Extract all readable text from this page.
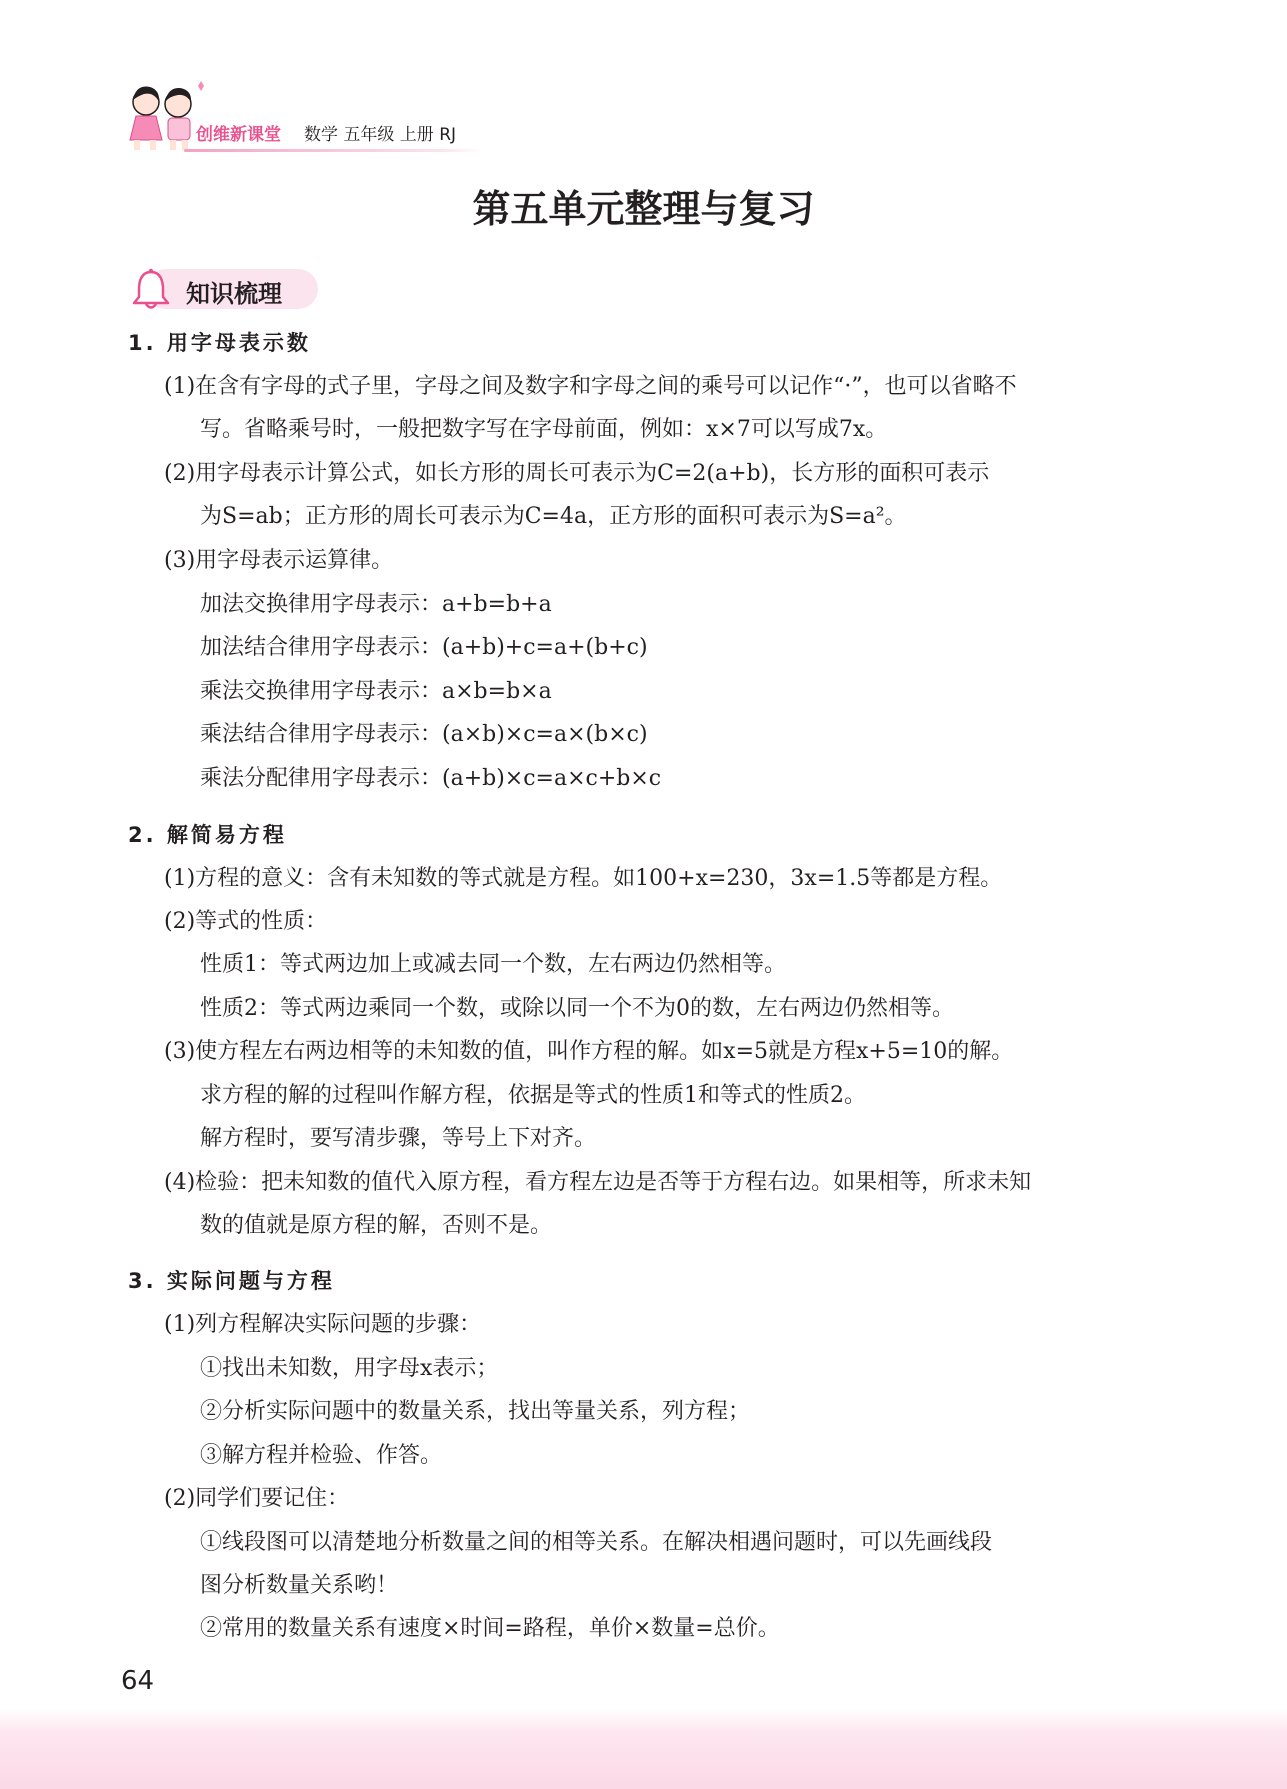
创维新课堂 数学 五年级 上册 RJ
第五单元整理与复习
知识梳理
1. 用字母表示数
(1)在含有字母的式子里，字母之间及数字和字母之间的乘号可以记作“·”，也可以省略不
写。省略乘号时，一般把数字写在字母前面，例如：x×7可以写成7x。
(2)用字母表示计算公式，如长方形的周长可表示为C=2(a+b)，长方形的面积可表示
为S=ab；正方形的周长可表示为C=4a，正方形的面积可表示为S=a²。
(3)用字母表示运算律。
加法交换律用字母表示：a+b=b+a
加法结合律用字母表示：(a+b)+c=a+(b+c)
乘法交换律用字母表示：a×b=b×a
乘法结合律用字母表示：(a×b)×c=a×(b×c)
乘法分配律用字母表示：(a+b)×c=a×c+b×c
2. 解简易方程
(1)方程的意义：含有未知数的等式就是方程。如100+x=230，3x=1.5等都是方程。
(2)等式的性质：
性质1：等式两边加上或减去同一个数，左右两边仍然相等。
性质2：等式两边乘同一个数，或除以同一个不为0的数，左右两边仍然相等。
(3)使方程左右两边相等的未知数的值，叫作方程的解。如x=5就是方程x+5=10的解。
求方程的解的过程叫作解方程，依据是等式的性质1和等式的性质2。
解方程时，要写清步骤，等号上下对齐。
(4)检验：把未知数的值代入原方程，看方程左边是否等于方程右边。如果相等，所求未知
数的值就是原方程的解，否则不是。
3. 实际问题与方程
(1)列方程解决实际问题的步骤：
①找出未知数，用字母x表示；
②分析实际问题中的数量关系，找出等量关系，列方程；
③解方程并检验、作答。
(2)同学们要记住：
①线段图可以清楚地分析数量之间的相等关系。在解决相遇问题时，可以先画线段
图分析数量关系哟！
②常用的数量关系有速度×时间=路程，单价×数量=总价。
64
